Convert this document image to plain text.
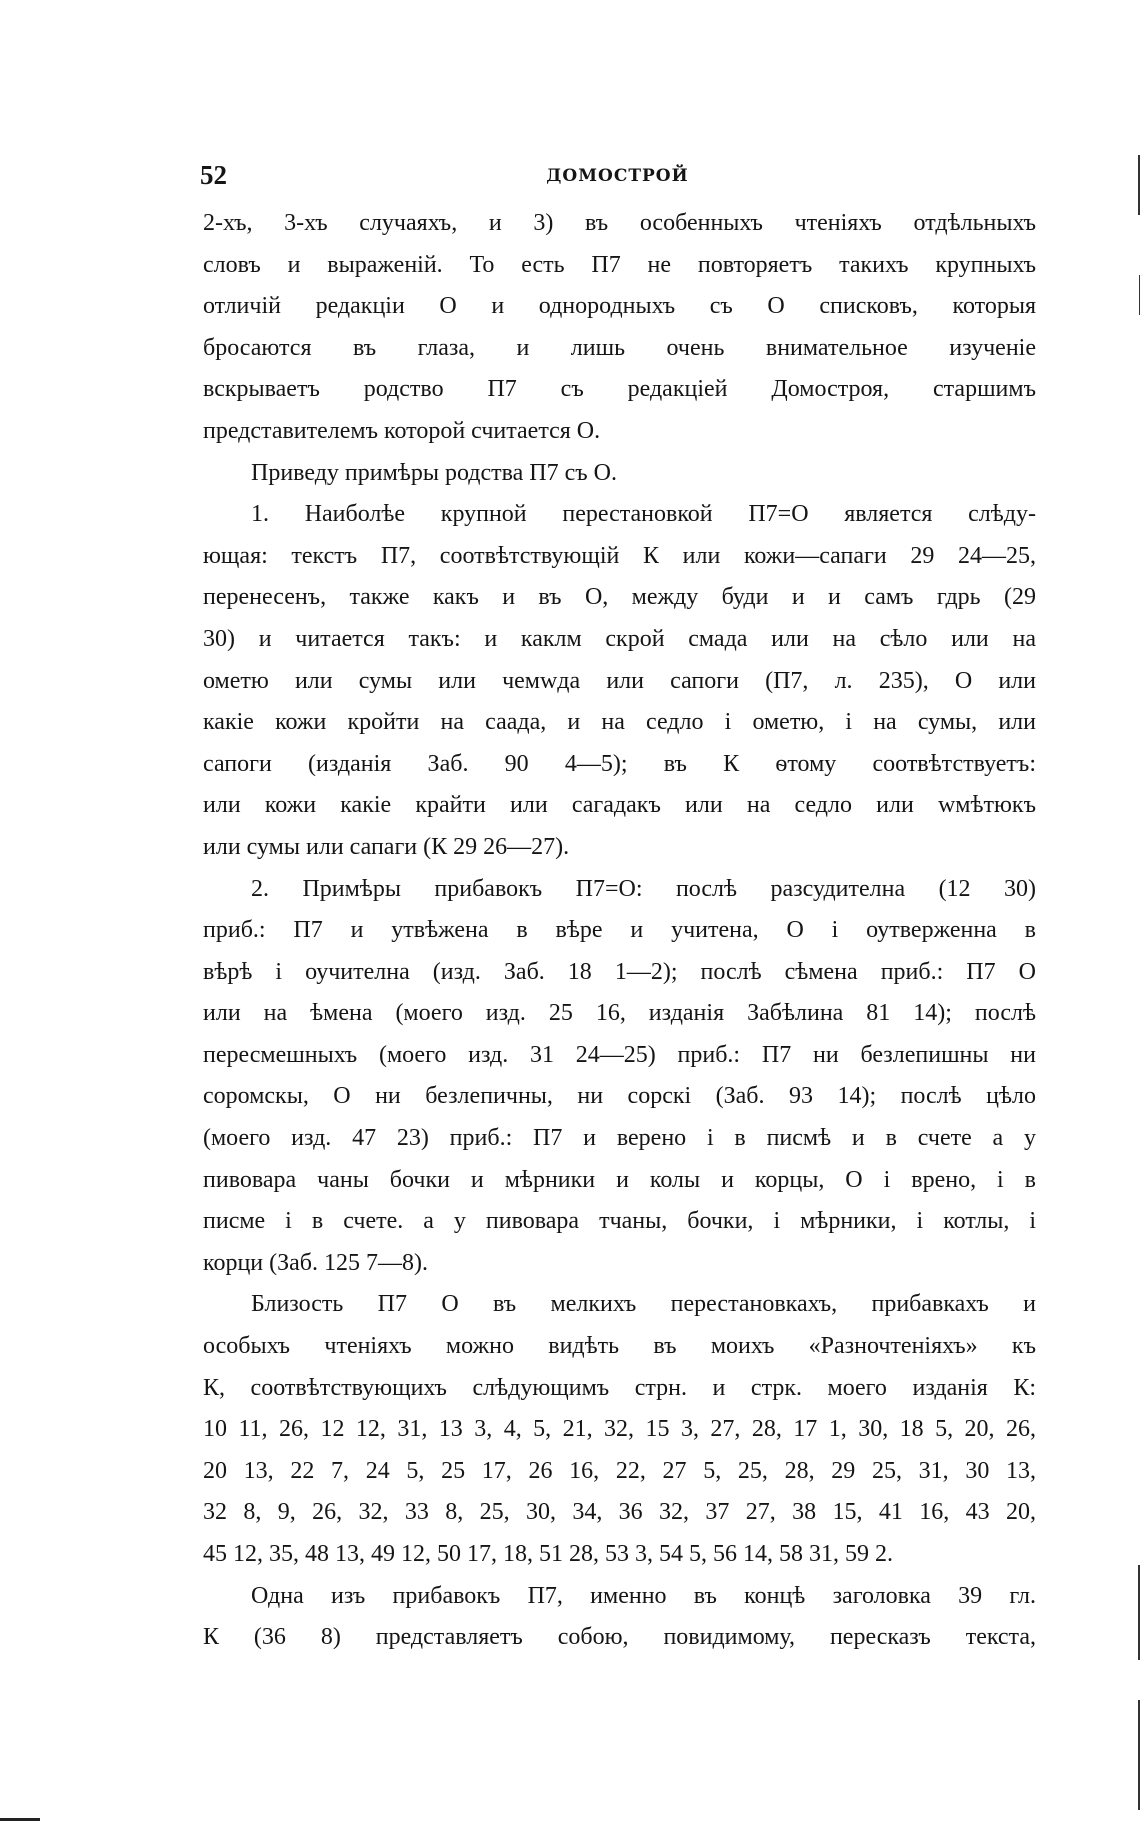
52	ДОМОСТРОЙ
2-хъ, 3-хъ случаяхъ, и 3) въ особенныхъ чтеніяхъ отдѣльныхъ
словъ и выраженій. То есть П7 не повторяетъ такихъ крупныхъ
отличій редакціи О и однородныхъ съ О списковъ, которыя
бросаются въ глаза, и лишь очень внимательное изученіе
вскрываетъ родство П7 съ редакціей Домостроя, старшимъ
представителемъ которой считается О.
Приведу примѣры родства П7 съ О.
1. Наиболѣе крупной перестановкой П7=О является слѣду-
ющая: текстъ П7, соотвѣтствующій К или кожи—сапаги 29 24—25,
перенесенъ, также какъ и въ О, между буди и и самъ гдрь (29
30) и читается такъ: и каклм скрой смада или на сѣло или на
ометю или сумы или чемwда или сапоги (П7, л. 235), О или
какіе кожи кройти на саада, и на седло і ометю, і на сумы, или
сапоги (изданія Заб. 90 4—5); въ К ѳтому соотвѣтствуетъ:
или кожи какіе крайти или сагадакъ или на седло или wмѣтюкъ
или сумы или сапаги (К 29 26—27).
2. Примѣры прибавокъ П7=О: послѣ разсудителна (12 30)
приб.: П7 и утвѣжена в вѣре и учитена, О і оутверженна в
вѣрѣ і оучителна (изд. Заб. 18 1—2); послѣ сѣмена приб.: П7 О
или на ѣмена (моего изд. 25 16, изданія Забѣлина 81 14); послѣ
пересмешныхъ (моего изд. 31 24—25) приб.: П7 ни безлепишны ни
соромскы, О ни безлепичны, ни сорскі (Заб. 93 14); послѣ цѣло
(моего изд. 47 23) приб.: П7 и верено і в писмѣ и в счете а у
пивовара чаны бочки и мѣрники и колы и корцы, О і врено, і в
писме і в счете. а у пивовара тчаны, бочки, і мѣрники, і котлы, і
корци (Заб. 125 7—8).
Близость П7 О въ мелкихъ перестановкахъ, прибавкахъ и
особыхъ чтеніяхъ можно видѣть въ моихъ «Разночтеніяхъ» къ
К, соотвѣтствующихъ слѣдующимъ стрн. и стрк. моего изданія К:
10 11, 26, 12 12, 31, 13 3, 4, 5, 21, 32, 15 3, 27, 28, 17 1, 30, 18 5, 20, 26,
20 13, 22 7, 24 5, 25 17, 26 16, 22, 27 5, 25, 28, 29 25, 31, 30 13,
32 8, 9, 26, 32, 33 8, 25, 30, 34, 36 32, 37 27, 38 15, 41 16, 43 20,
45 12, 35, 48 13, 49 12, 50 17, 18, 51 28, 53 3, 54 5, 56 14, 58 31, 59 2.
Одна изъ прибавокъ П7, именно въ концѣ заголовка 39 гл.
К (36 8) представляетъ собою, повидимому, пересказъ текста,
